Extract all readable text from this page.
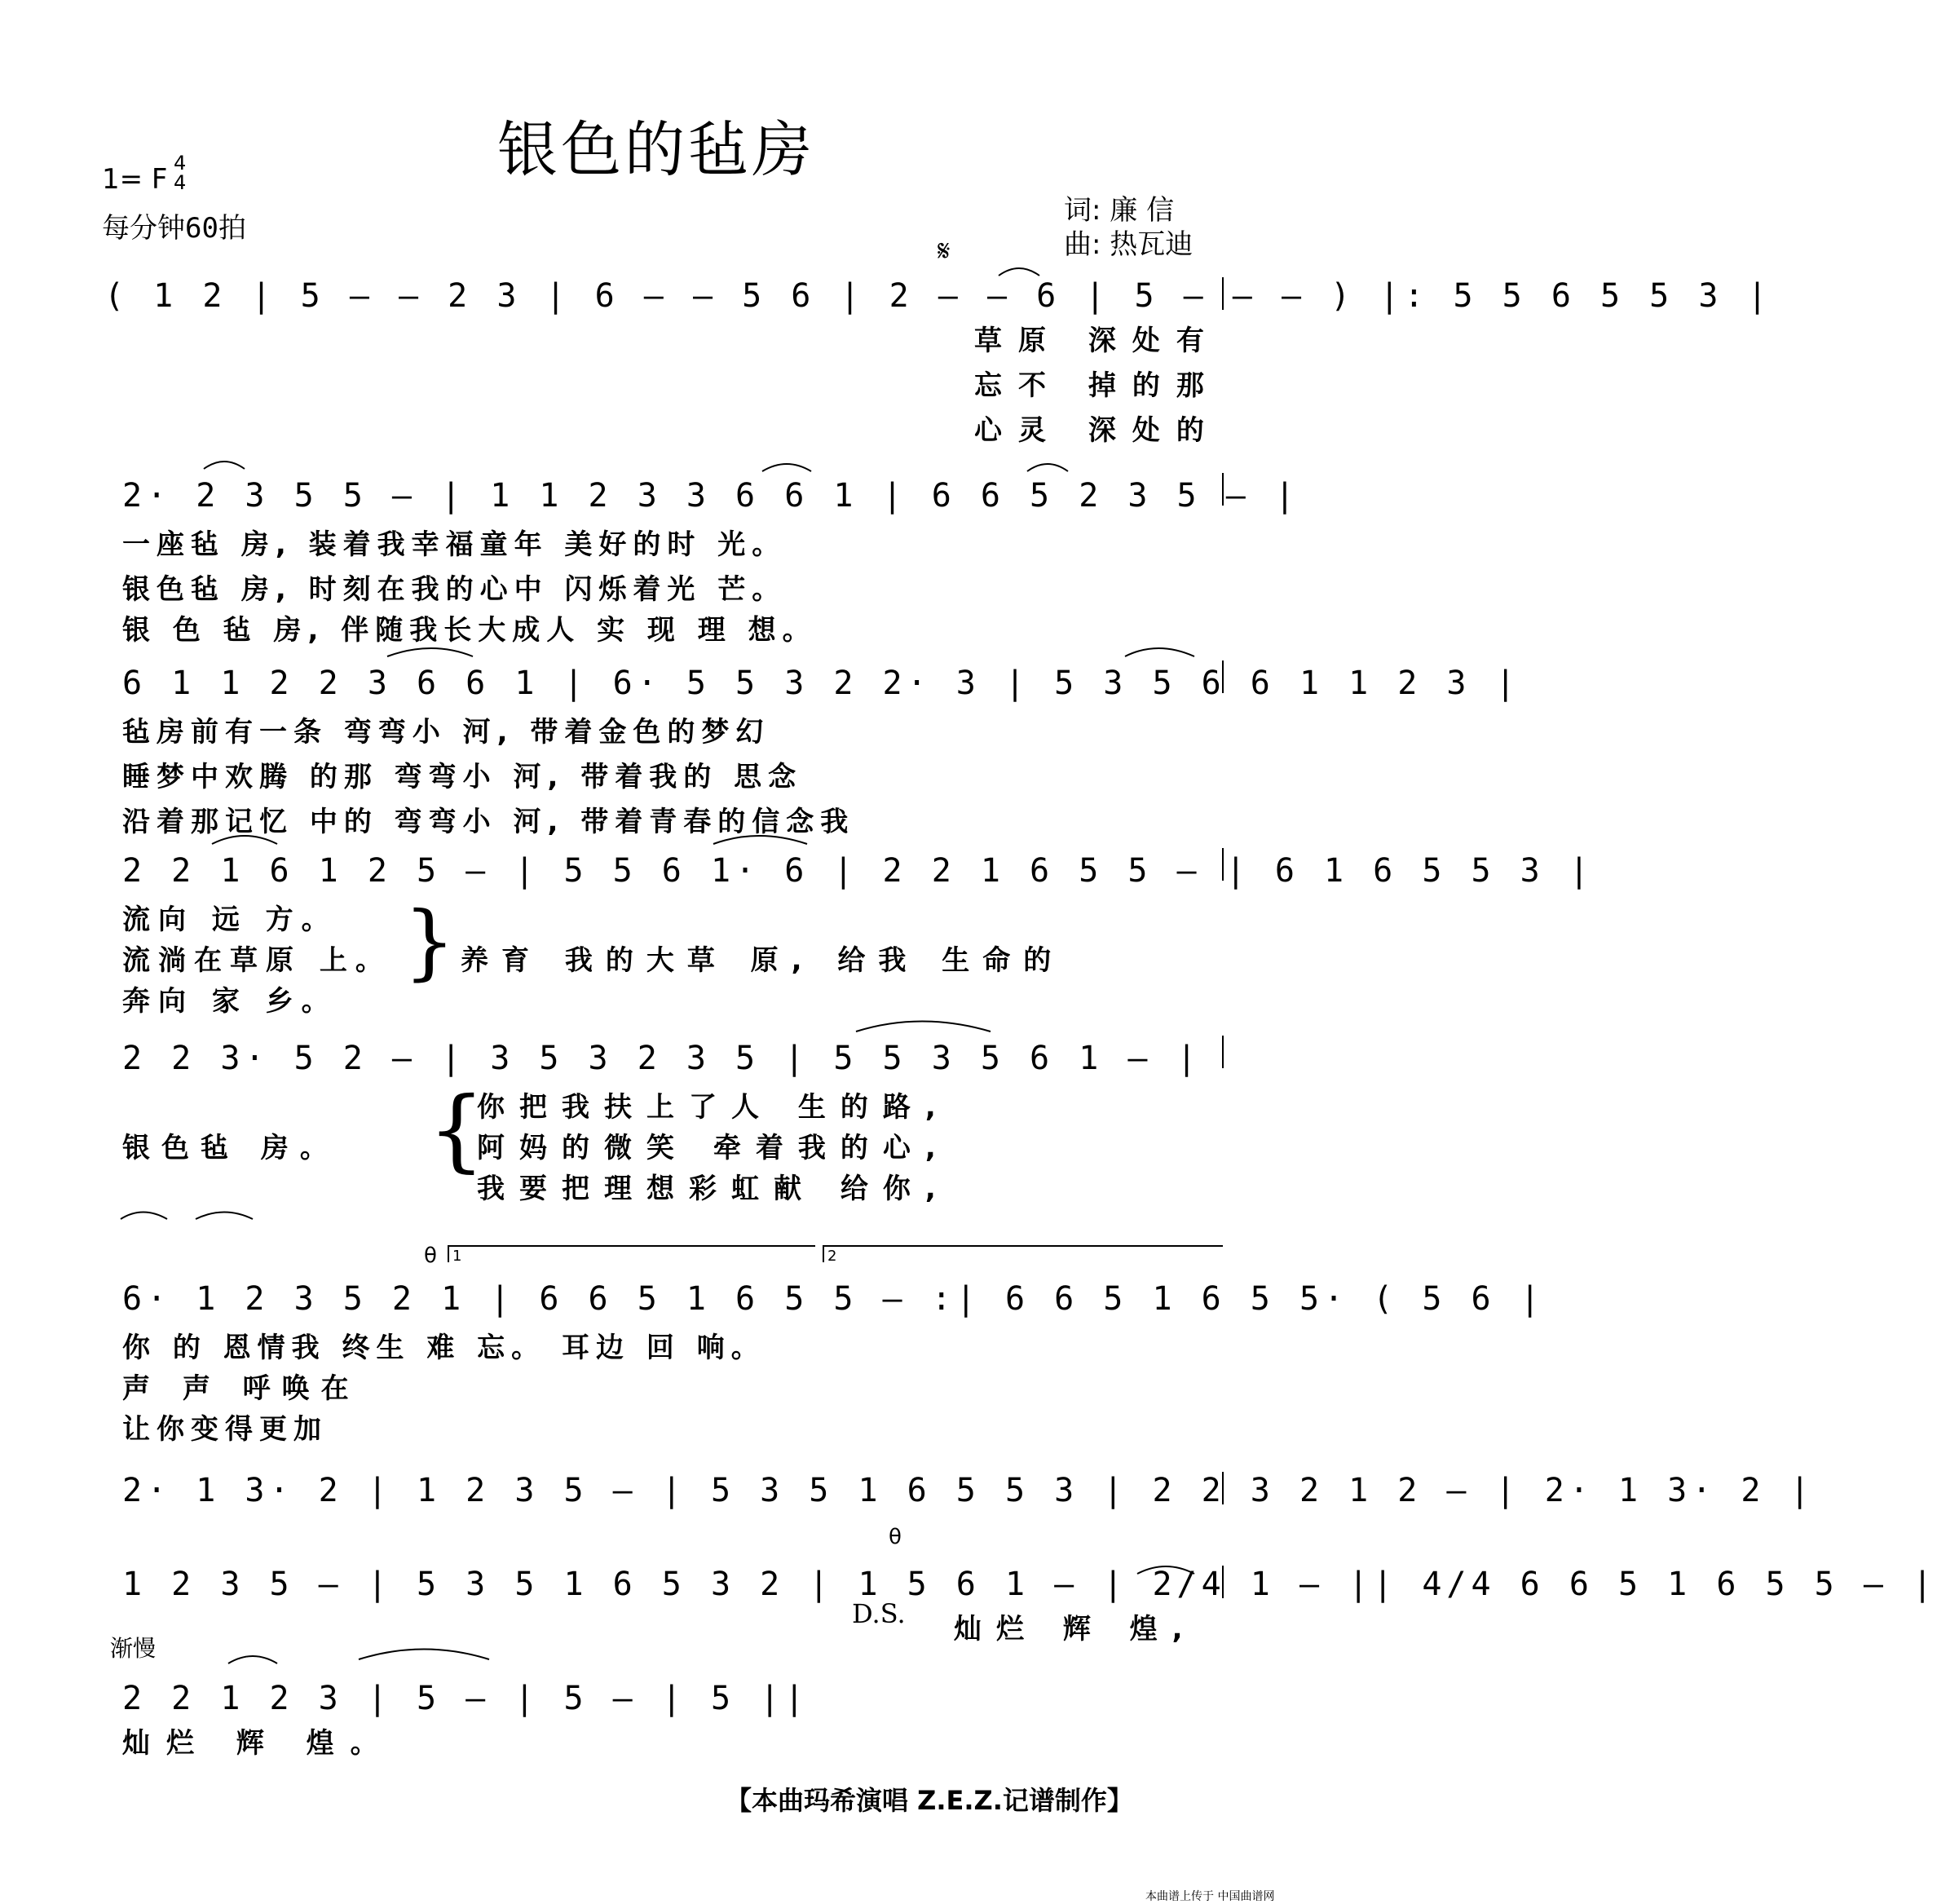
银色的毡房
1= F 4
4
每分钟60拍
词: 廉 信
曲: 热瓦迪
𝄋
( 1 2 | 5 — — 2 3 | 6 — — 5 6 | 2 — — 6 | 5 — — — ) |: 5 5 6 5 5 3 |
草原 深处有
忘不 掉的那
心灵 深处的
2· 2 3 5 5 — | 1 1 2 3 3 6 6 1 | 6 6 5 2 3 5 — |
一座毡 房, 装着我幸福童年 美好的时 光。
银色毡 房, 时刻在我的心中 闪烁着光 芒。
银 色 毡 房, 伴随我长大成人 实 现 理 想。
6 1 1 2 2 3 6 6 1 | 6· 5 5 3 2 2· 3 | 5 3 5 6 6 1 1 2 3 |
毡房前有一条 弯弯小 河, 带着金色的梦幻
睡梦中欢腾 的那 弯弯小 河, 带着我的 思念
沿着那记忆 中的 弯弯小 河, 带着青春的信念我
2 2 1 6 1 2 5 — | 5 5 6 1· 6 | 2 2 1 6 5 5 — | 6 1 6 5 5 3 |
流向 远 方。
流淌在草原 上。
奔向 家 乡。
}
养育 我的大草 原, 给我 生命的
2 2 3· 5 2 — | 3 5 3 2 3 5 | 5 5 3 5 6 1 — |
银色毡 房。 {
你把我扶上了人 生的路,
阿妈的微笑 牵着我的心,
我要把理想彩虹献 给你,
θ 1	2
6· 1 2 3 5 2 1 | 6 6 5 1 6 5 5 — :| 6 6 5 1 6 5 5· ( 5 6 |
你 的 恩情我 终生 难 忘。 耳边 回 响。
声 声 呼唤在
让你变得更加
2· 1 3· 2 | 1 2 3 5 — | 5 3 5 1 6 5 5 3 | 2 2 3 2 1 2 — | 2· 1 3· 2 |
θ
1 2 3 5 — | 5 3 5 1 6 5 3 2 | 1 5 6 1 — | 2/4 1 — || 4/4 6 6 5 1 6 5 5 — |
D.S. 灿烂 辉 煌,
渐慢
2 2 1 2 3 | 5 — | 5 — | 5 ||
灿烂 辉 煌。
【本曲玛希演唱 Z.E.Z.记谱制作】
本曲谱上传于 中国曲谱网
